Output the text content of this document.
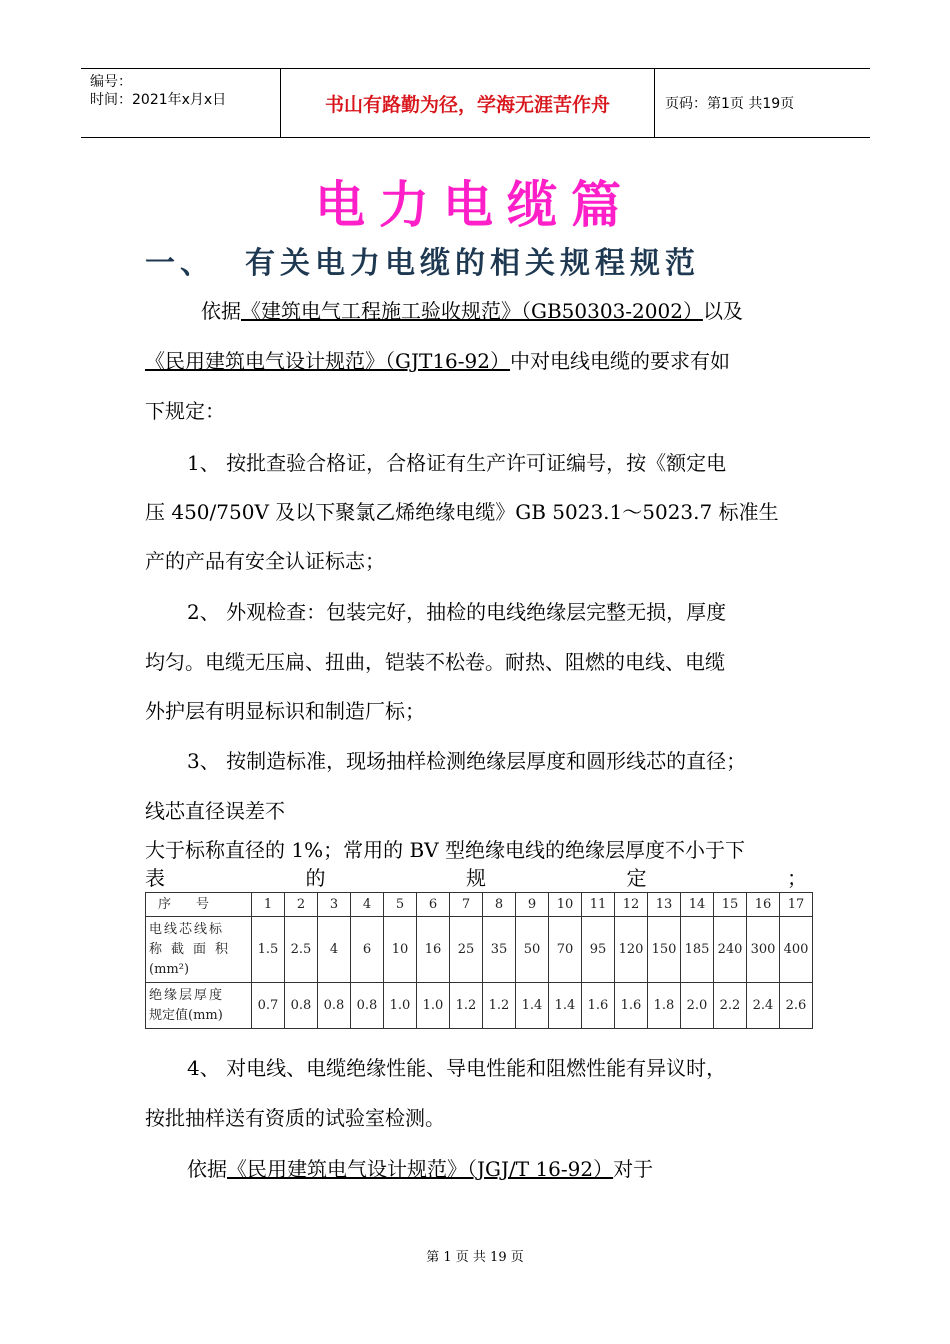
编号：
时间：2021年x月x日	书山有路勤为径，学海无涯苦作舟	页码：第1页 共19页
电力电缆篇
一、 有关电力电缆的相关规程规范
依据《建筑电气工程施工验收规范》（GB50303-2002）以及
《民用建筑电气设计规范》（GJT16-92）中对电线电缆的要求有如
下规定：
1、 按批查验合格证，合格证有生产许可证编号，按《额定电
压 450/750V 及以下聚氯乙烯绝缘电缆》GB 5023.1～5023.7 标准生
产的产品有安全认证标志；
2、 外观检查：包装完好，抽检的电线绝缘层完整无损，厚度
均匀。电缆无压扁、扭曲，铠装不松卷。耐热、阻燃的电线、电缆
外护层有明显标识和制造厂标；
3、 按制造标准，现场抽样检测绝缘层厚度和圆形线芯的直径；
线芯直径误差不
大于标称直径的 1%；常用的 BV 型绝缘电线的绝缘层厚度不小于下
表	的	规	定	；
序　号	1	2	3	4	5	6	7	8	9	10	11	12	13	14	15	16	17

电线芯线标
称截面积
(mm²)	1.5	2.5	4	6	10	16	25	35	50	70	95	120	150	185	240	300	400

绝缘层厚度
规定值(mm)	0.7	0.8	0.8	0.8	1.0	1.0	1.2	1.2	1.4	1.4	1.6	1.6	1.8	2.0	2.2	2.4	2.6
4、 对电线、电缆绝缘性能、导电性能和阻燃性能有异议时，
按批抽样送有资质的试验室检测。
依据《民用建筑电气设计规范》（JGJ/T 16-92）对于
第 1 页 共 19 页
